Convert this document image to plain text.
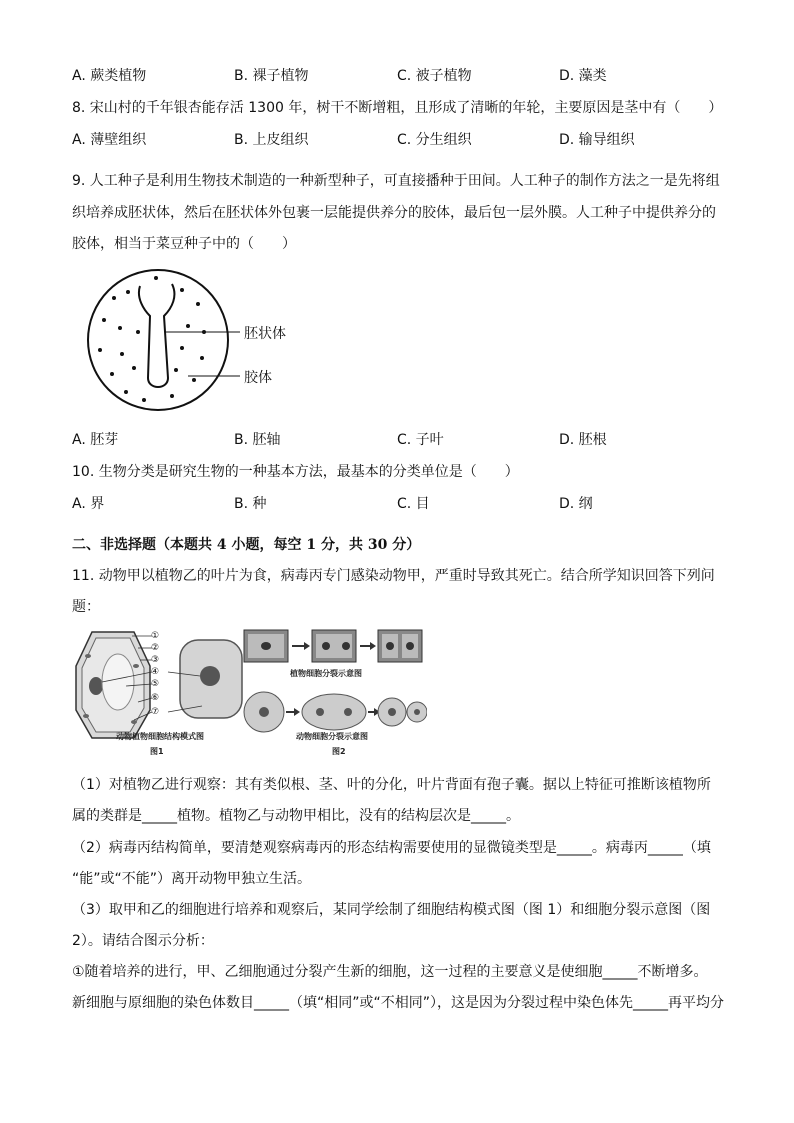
A. 蕨类植物	B. 裸子植物	C. 被子植物	D. 藻类
8. 宋山村的千年银杏能存活 1300 年，树干不断增粗，且形成了清晰的年轮，主要原因是茎中有（　　）
A. 薄壁组织	B. 上皮组织	C. 分生组织	D. 输导组织
9. 人工种子是利用生物技术制造的一种新型种子，可直接播种于田间。人工种子的制作方法之一是先将组
织培养成胚状体，然后在胚状体外包裹一层能提供养分的胶体，最后包一层外膜。人工种子中提供养分的
胶体，相当于菜豆种子中的（　　）
胚状体
胶体
A. 胚芽	B. 胚轴	C. 子叶	D. 胚根
10. 生物分类是研究生物的一种基本方法，最基本的分类单位是（　　）
A. 界	B. 种	C. 目	D. 纲
二、非选择题（本题共 4 小题，每空 1 分，共 30 分）
11. 动物甲以植物乙的叶片为食，病毒丙专门感染动物甲，严重时导致其死亡。结合所学知识回答下列问
题：
①
②
③
④
⑤
⑥
⑦
动物植物细胞结构模式图
图1
植物细胞分裂示意图
动物细胞分裂示意图
图2
（1）对植物乙进行观察：其有类似根、茎、叶的分化，叶片背面有孢子囊。据以上特征可推断该植物所
属的类群是_____植物。植物乙与动物甲相比，没有的结构层次是_____。
（2）病毒丙结构简单，要清楚观察病毒丙的形态结构需要使用的显微镜类型是_____。病毒丙_____（填
“能”或“不能”）离开动物甲独立生活。
（3）取甲和乙的细胞进行培养和观察后，某同学绘制了细胞结构模式图（图 1）和细胞分裂示意图（图
2）。请结合图示分析：
①随着培养的进行，甲、乙细胞通过分裂产生新的细胞，这一过程的主要意义是使细胞_____不断增多。
新细胞与原细胞的染色体数目_____（填“相同”或“不相同”），这是因为分裂过程中染色体先_____再平均分
